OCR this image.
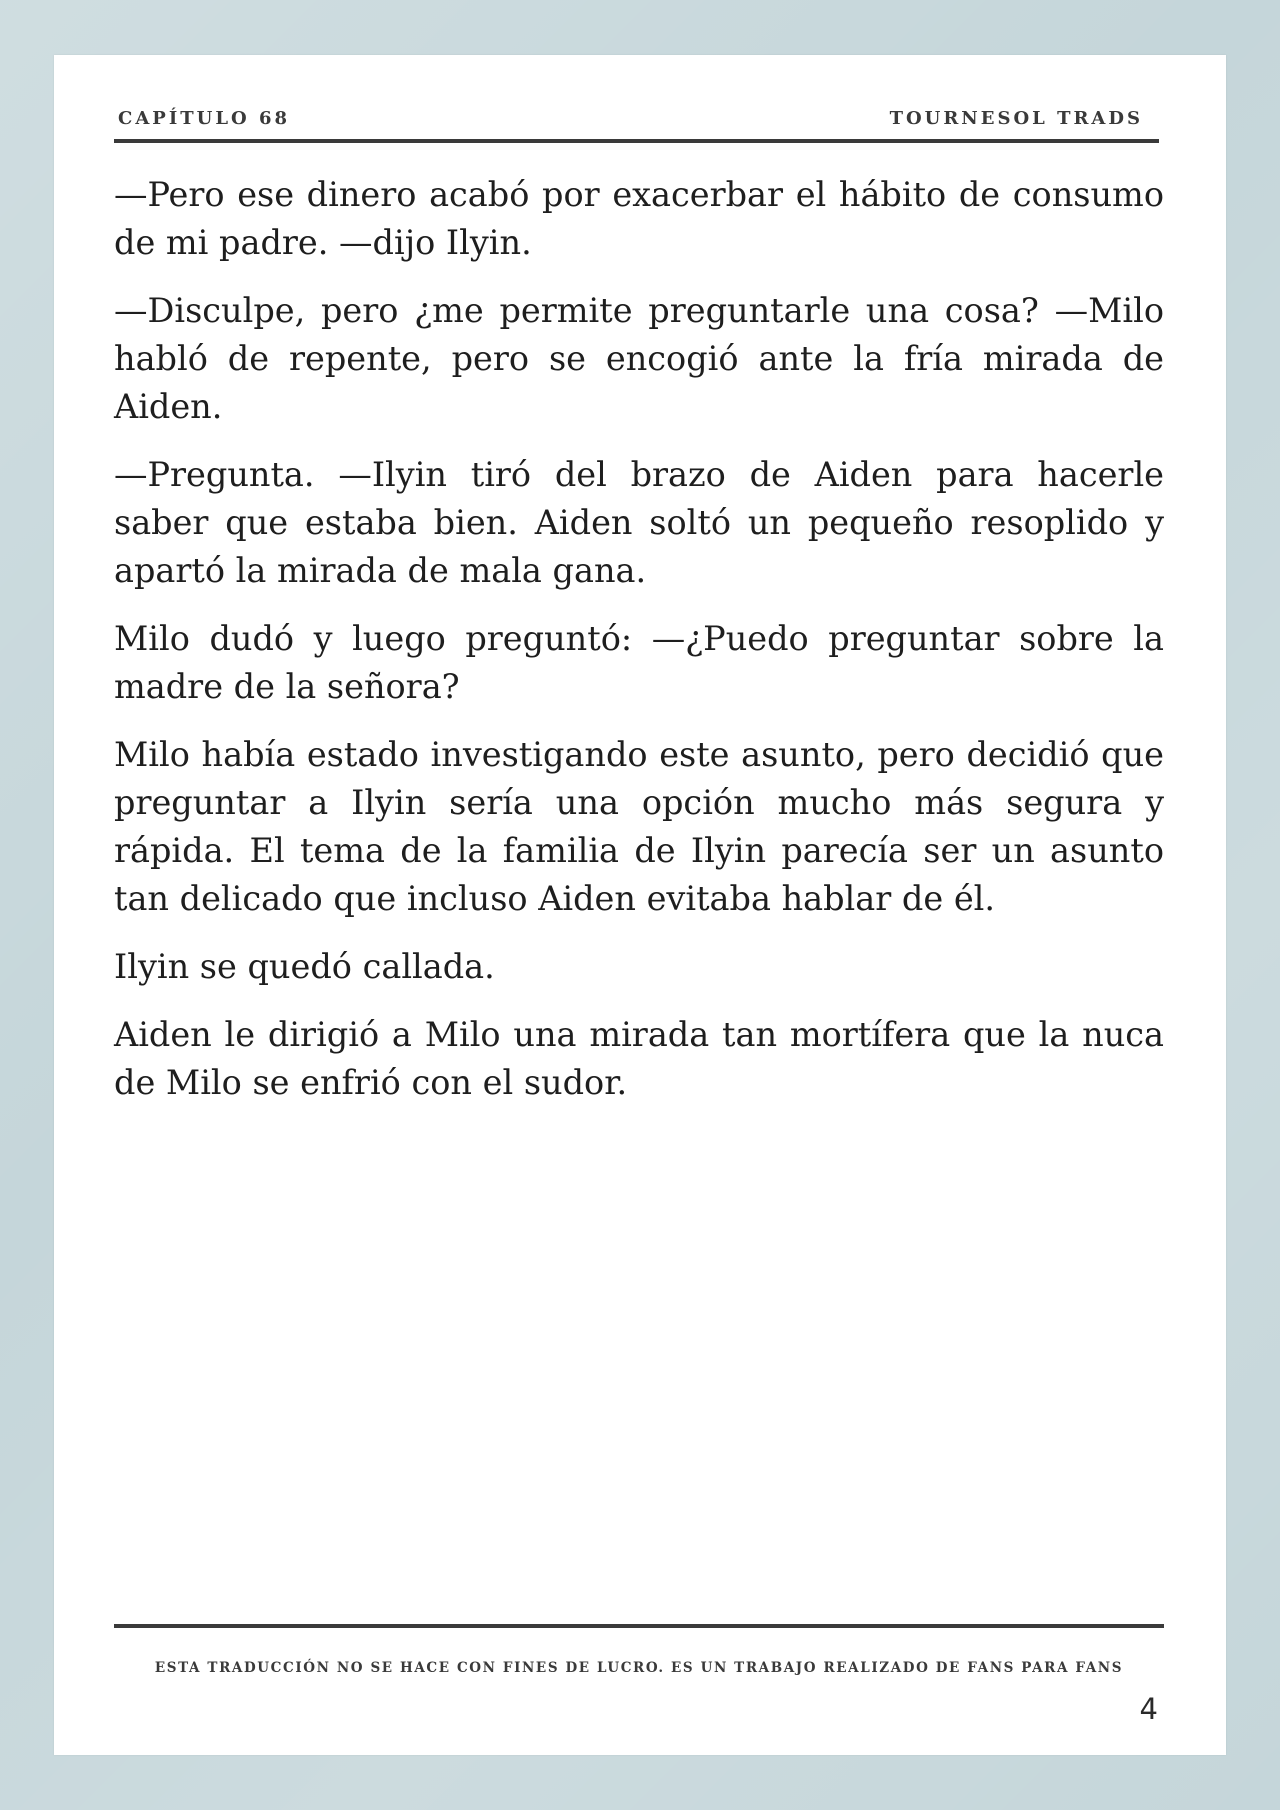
CAPÍTULO 68	TOURNESOL TRADS

—Pero ese dinero acabó por exacerbar el hábito de consumo de mi padre. —dijo Ilyin.

—Disculpe, pero ¿me permite preguntarle una cosa? —Milo habló de repente, pero se encogió ante la fría mirada de Aiden.

—Pregunta. —Ilyin tiró del brazo de Aiden para hacerle saber que estaba bien. Aiden soltó un pequeño resoplido y apartó la mirada de mala gana.

Milo dudó y luego preguntó: —¿Puedo preguntar sobre la madre de la señora?

Milo había estado investigando este asunto, pero decidió que preguntar a Ilyin sería una opción mucho más segura y rápida. El tema de la familia de Ilyin parecía ser un asunto tan delicado que incluso Aiden evitaba hablar de él.

Ilyin se quedó callada.

Aiden le dirigió a Milo una mirada tan mortífera que la nuca de Milo se enfrió con el sudor.

ESTA TRADUCCIÓN NO SE HACE CON FINES DE LUCRO. ES UN TRABAJO REALIZADO DE FANS PARA FANS
4
